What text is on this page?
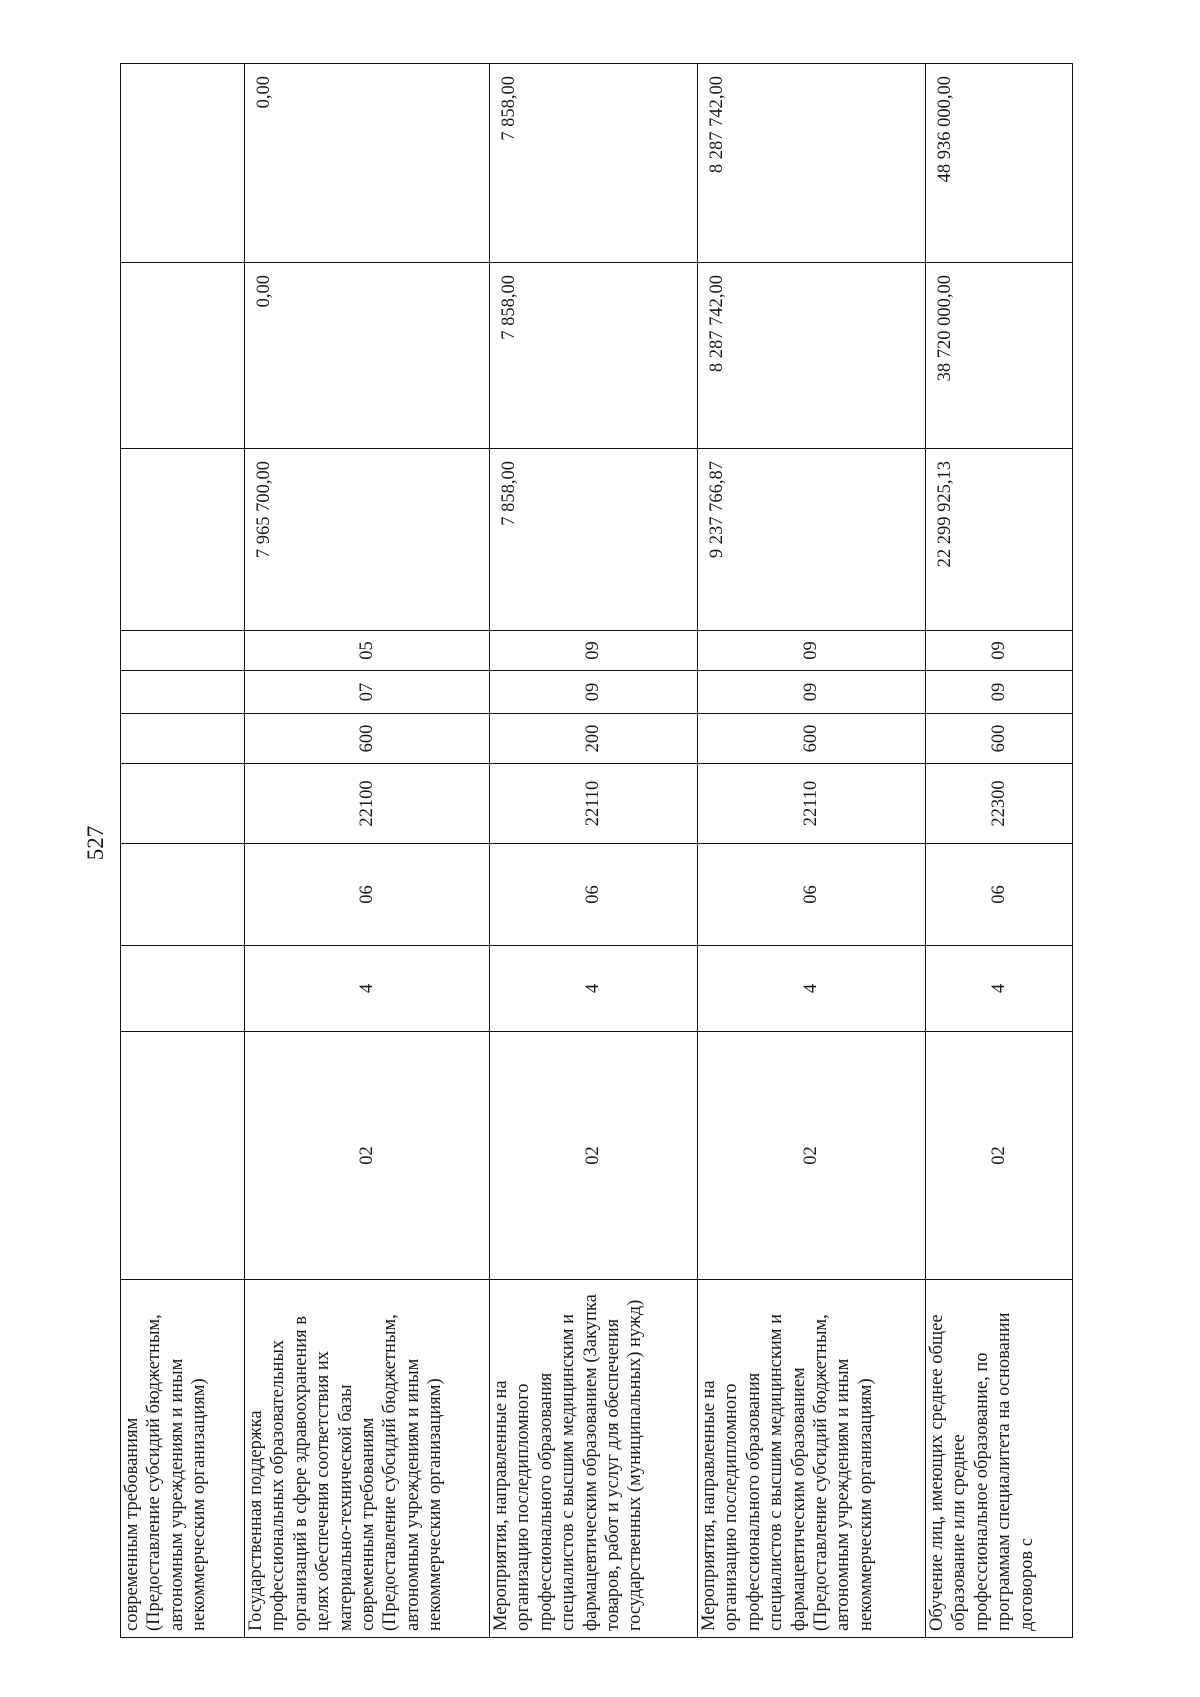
527
современным требованиям (Предоставление субсидий бюджетным, автономным учреждениям и иным некоммерческим организациям)										
Государственная поддержка профессиональных образовательных организаций в сфере здравоохранения в целях обеспечения соответствия их материально-технической базы современным требованиям (Предоставление субсидий бюджетным, автономным учреждениям и иным некоммерческим организациям)	02	4	06	22100	600	07	05	7 965 700,00	0,00	0,00
Мероприятия, направленные на организацию последипломного профессионального образования специалистов с высшим медицинским и фармацевтическим образованием (Закупка товаров, работ и услуг для обеспечения государственных (муниципальных) нужд)	02	4	06	22110	200	09	09	7 858,00	7 858,00	7 858,00
Мероприятия, направленные на организацию последипломного профессионального образования специалистов с высшим медицинским и фармацевтическим образованием (Предоставление субсидий бюджетным, автономным учреждениям и иным некоммерческим организациям)	02	4	06	22110	600	09	09	9 237 766,87	8 287 742,00	8 287 742,00
Обучение лиц, имеющих среднее общее образование или среднее профессиональное образование, по программам специалитета на основании договоров с	02	4	06	22300	600	09	09	22 299 925,13	38 720 000,00	48 936 000,00
